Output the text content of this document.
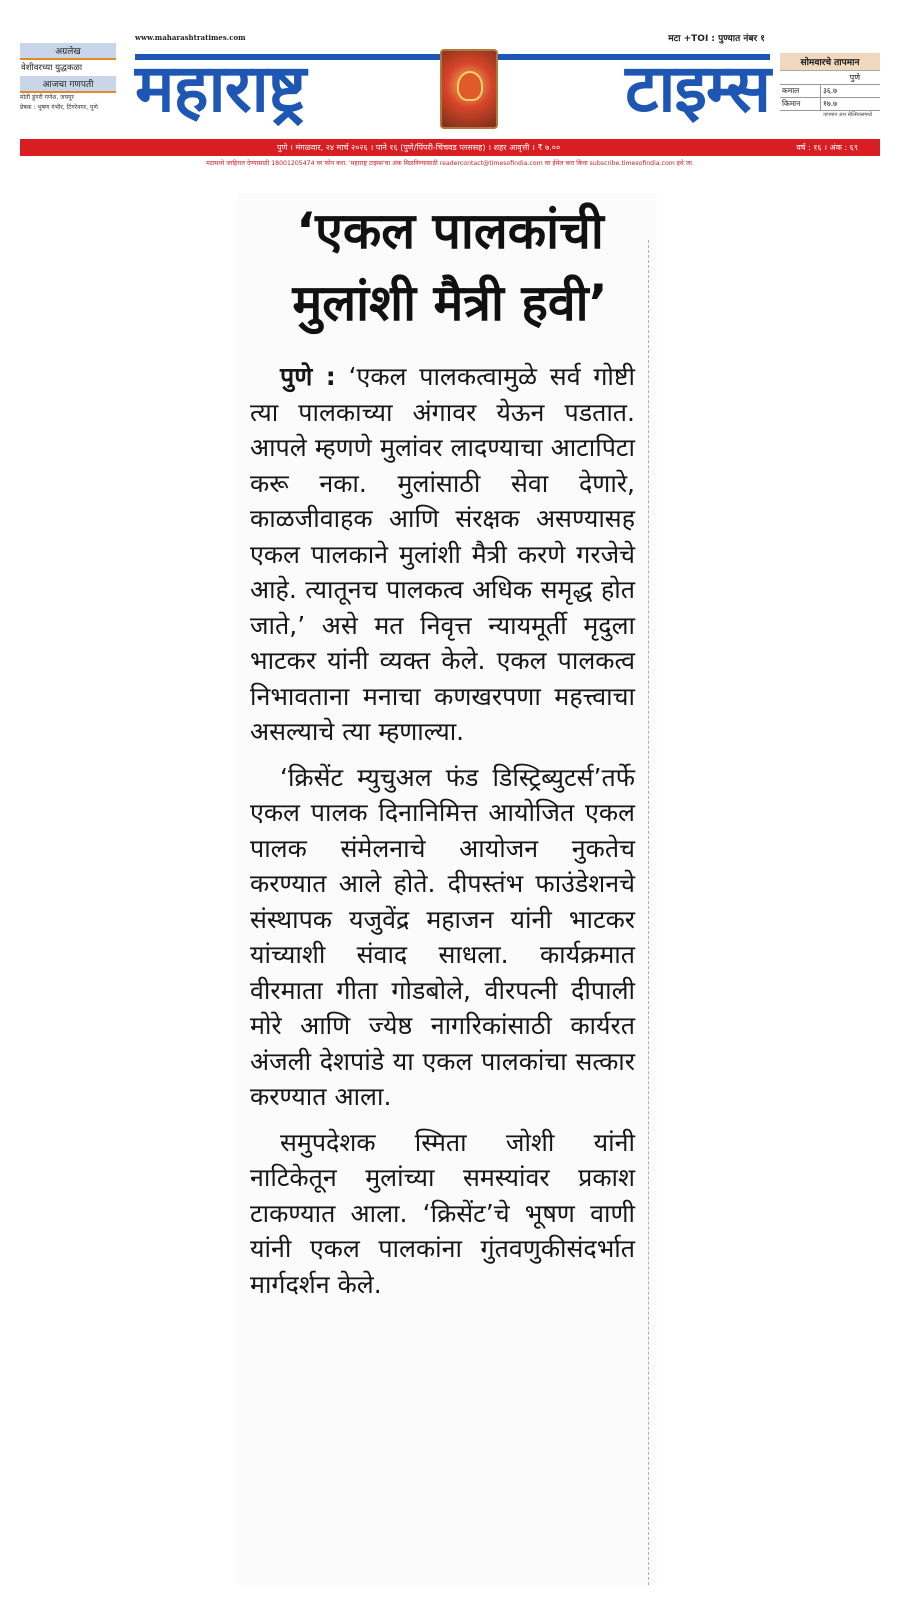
अग्रलेख
वेशीवरच्या युद्धकळा
आजचा गणपती
मोती डुंगरी गणेश, जयपूर
प्रेषक : भूषण गंभीर, टिंगरेनगर, पुणे
www.maharashtratimes.com	मटा +TOI : पुण्यात नंबर १
महाराष्ट्र	टाइम्स	सोमवारचे तापमान
पुणे
कमाल	३६.७
किमान	१७.७
तापमान अंश सेल्सियसमध्ये
पुणे । मंगळवार, २४ मार्च २०२६ । पाने १६ (पुणे/पिंपरी-चिंचवड प्लससह) । शहर आवृत्ती । ₹ ७.००	वर्ष : १६ । अंक : ६९
मटामध्ये जाहिरात देण्यासाठी 18001205474 वर फोन करा. 'महाराष्ट्र टाइम्स'चा अंक मिळविण्यासाठी readercontact@timesofindia.com वर ईमेल करा किंवा subscribe.timesofindia.com इथे जा.
‘एकल पालकांची
मुलांशी मैत्री हवी’

पुणे : ‘एकल पालकत्वामुळे सर्व गोष्टी त्या पालकाच्या अंगावर येऊन पडतात. आपले म्हणणे मुलांवर लादण्याचा आटापिटा करू नका. मुलांसाठी सेवा देणारे, काळजीवाहक आणि संरक्षक असण्यासह एकल पालकाने मुलांशी मैत्री करणे गरजेचे आहे. त्यातूनच पालकत्व अधिक समृद्ध होत जाते,’ असे मत निवृत्त न्यायमूर्ती मृदुला भाटकर यांनी व्यक्त केले. एकल पालकत्व निभावताना मनाचा कणखरपणा महत्त्वाचा असल्याचे त्या म्हणाल्या.

‘क्रिसेंट म्युचुअल फंड डिस्ट्रिब्युटर्स’तर्फे एकल पालक दिनानिमित्त आयोजित एकल पालक संमेलनाचे आयोजन नुकतेच करण्यात आले होते. दीपस्तंभ फाउंडेशनचे संस्थापक यजुवेंद्र महाजन यांनी भाटकर यांच्याशी संवाद साधला. कार्यक्रमात वीरमाता गीता गोडबोले, वीरपत्नी दीपाली मोरे आणि ज्येष्ठ नागरिकांसाठी कार्यरत अंजली देशपांडे या एकल पालकांचा सत्कार करण्यात आला.

समुपदेशक स्मिता जोशी यांनी नाटिकेतून मुलांच्या समस्यांवर प्रकाश टाकण्यात आला. ‘क्रिसेंट’चे भूषण वाणी यांनी एकल पालकांना गुंतवणुकीसंदर्भात मार्गदर्शन केले.
